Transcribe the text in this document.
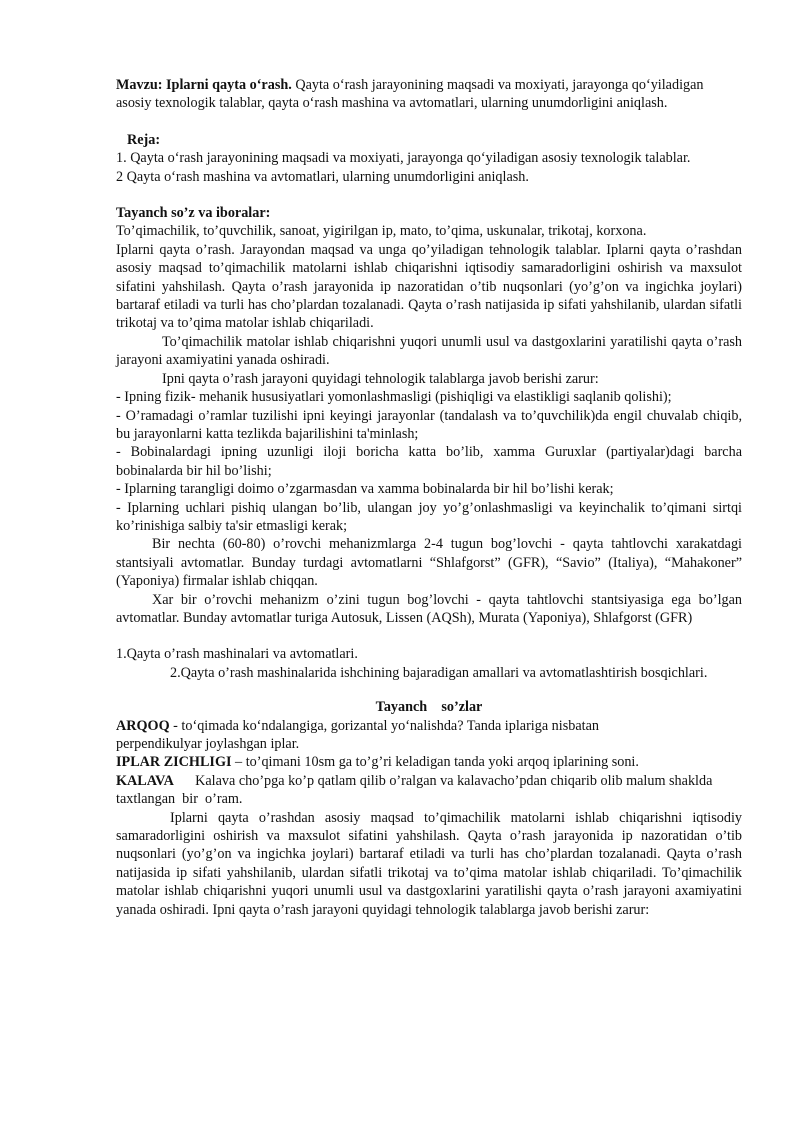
Mavzu: Iplarni qayta o‘rash. Qayta o‘rash jarayonining maqsadi va moxiyati, jarayonga qo‘yiladigan asosiy texnologik talablar, qayta o‘rash mashina va avtomatlari, ularning unumdorligini aniqlash.

Reja:

1. Qayta o‘rash jarayonining maqsadi va moxiyati, jarayonga qo‘yiladigan asosiy texnologik talablar.

2 Qayta o‘rash mashina va avtomatlari, ularning unumdorligini aniqlash.

Tayanch so’z va iboralar:

To’qimachilik, to’quvchilik, sanoat, yigirilgan ip, mato, to’qima, uskunalar, trikotaj, korxona.

Iplarni qayta o’rash. Jarayondan maqsad va unga qo’yiladigan tehnologik talablar. Iplarni qayta o’rashdan asosiy maqsad to’qimachilik matolarni ishlab chiqarishni iqtisodiy samaradorligini oshirish va maxsulot sifatini yahshilash. Qayta o’rash jarayonida ip nazoratidan o’tib nuqsonlari (yo’g’on va ingichka joylari) bartaraf etiladi va turli has cho’plardan tozalanadi. Qayta o’rash natijasida ip sifati yahshilanib, ulardan sifatli trikotaj va to’qima matolar ishlab chiqariladi.

To’qimachilik matolar ishlab chiqarishni yuqori unumli usul va dastgoxlarini yaratilishi qayta o’rash jarayoni axamiyatini yanada oshiradi.

Ipni qayta o’rash jarayoni quyidagi tehnologik talablarga javob berishi zarur:

- Ipning fizik- mehanik hususiyatlari yomonlashmasligi (pishiqligi va elastikligi saqlanib qolishi);

- O’ramadagi o’ramlar tuzilishi ipni keyingi jarayonlar (tandalash va to’quvchilik)da engil chuvalab chiqib, bu jarayonlarni katta tezlikda bajarilishini ta'minlash;

- Bobinalardagi ipning uzunligi iloji boricha katta bo’lib, xamma Guruxlar (partiyalar)dagi barcha bobinalarda bir hil bo’lishi;

- Iplarning tarangligi doimo o’zgarmasdan va xamma bobinalarda bir hil bo’lishi kerak;

- Iplarning uchlari pishiq ulangan bo’lib, ulangan joy yo’g’onlashmasligi va keyinchalik to’qimani sirtqi ko’rinishiga salbiy ta'sir etmasligi kerak;

Bir nechta (60-80) o’rovchi mehanizmlarga 2-4 tugun bog’lovchi - qayta tahtlovchi xarakatdagi stantsiyali avtomatlar. Bunday turdagi avtomatlarni “Shlafgorst” (GFR), “Savio” (Italiya), “Mahakoner” (Yaponiya) firmalar ishlab chiqqan.

Xar bir o’rovchi mehanizm o’zini tugun bog’lovchi - qayta tahtlovchi stantsiyasiga ega bo’lgan avtomatlar. Bunday avtomatlar turiga Autosuk, Lissen (AQSh), Murata (Yaponiya), Shlafgorst (GFR)

1.Qayta o’rash mashinalari va avtomatlari.

2.Qayta o’rash mashinalarida ishchining bajaradigan amallari va avtomatlashtirish bosqichlari.

Tayanch    so’zlar

ARQOQ - to‘qimada ko‘ndalangiga, gorizantal yo‘nalishda? Tanda iplariga nisbatan perpendikulyar joylashgan iplar.

IPLAR ZICHLIGI – to’qimani 10sm ga to’g’ri keladigan tanda yoki arqoq iplarining soni.

KALAVA      Kalava cho’pga ko’p qatlam qilib o’ralgan va kalavacho’pdan chiqarib olib malum shaklda taxtlangan  bir  o’ram.

Iplarni qayta o’rashdan asosiy maqsad to’qimachilik matolarni ishlab chiqarishni iqtisodiy samaradorligini oshirish va maxsulot sifatini yahshilash. Qayta o’rash jarayonida ip nazoratidan o’tib nuqsonlari (yo’g’on va ingichka joylari) bartaraf etiladi va turli has cho’plardan tozalanadi. Qayta o’rash natijasida ip sifati yahshilanib, ulardan sifatli trikotaj va to’qima matolar ishlab chiqariladi. To’qimachilik matolar ishlab chiqarishni yuqori unumli usul va dastgoxlarini yaratilishi qayta o’rash jarayoni axamiyatini yanada oshiradi. Ipni qayta o’rash jarayoni quyidagi tehnologik talablarga javob berishi zarur:
